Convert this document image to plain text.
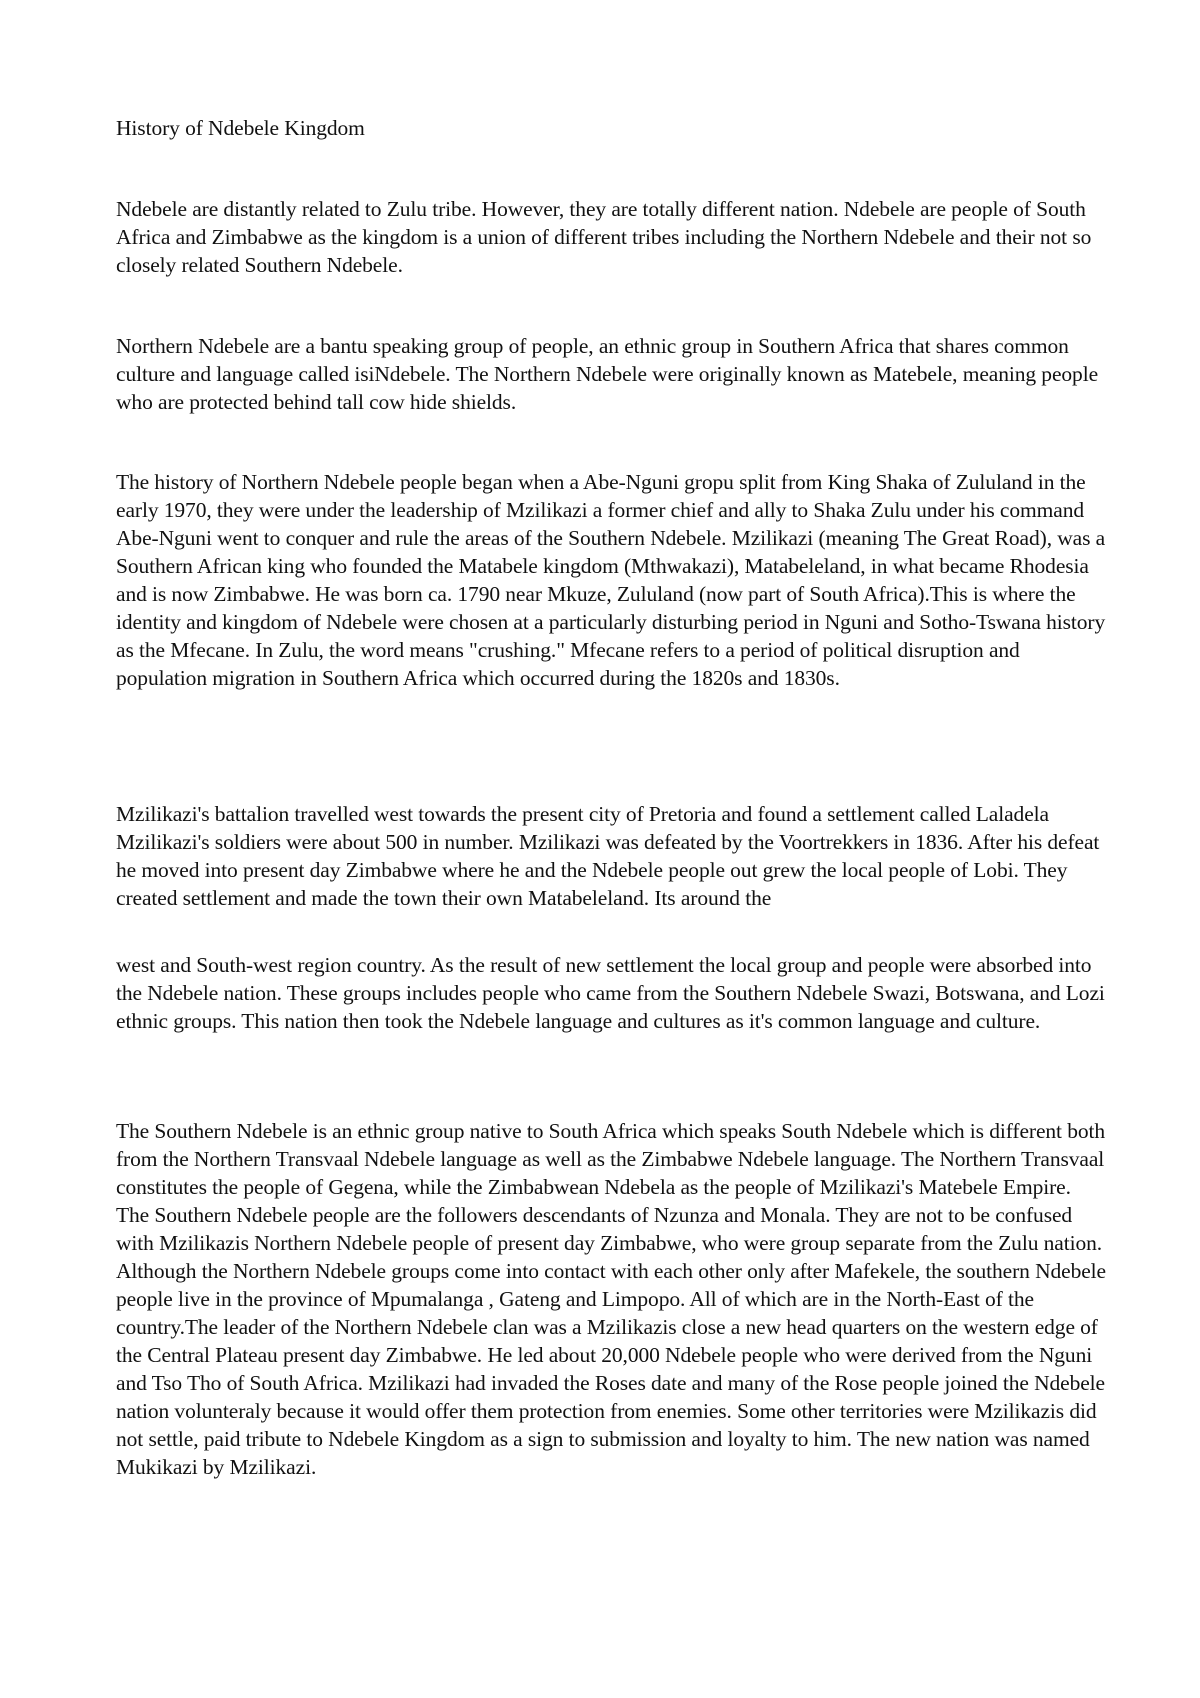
History of Ndebele Kingdom

Ndebele are distantly related to Zulu tribe. However, they are totally different nation. Ndebele are people of South Africa and Zimbabwe as the kingdom is a union of different tribes including the Northern Ndebele and their not so closely related Southern Ndebele.

Northern Ndebele are a bantu speaking group of people, an ethnic group in Southern Africa that shares common culture and language called isiNdebele. The Northern Ndebele were originally known as Matebele, meaning people who are protected behind tall cow hide shields.

The history of Northern Ndebele people began when a Abe-Nguni gropu split from King Shaka of Zululand in the early 1970, they were under the leadership of Mzilikazi a former chief and ally to Shaka Zulu under his command Abe-Nguni went to conquer and rule the areas of the Southern Ndebele. Mzilikazi (meaning The Great Road), was a Southern African king who founded the Matabele kingdom (Mthwakazi), Matabeleland, in what became Rhodesia and is now Zimbabwe. He was born ca. 1790 near Mkuze, Zululand (now part of South Africa).This is where the identity and kingdom of Ndebele were chosen at a particularly disturbing period in Nguni and Sotho-Tswana history as the Mfecane. In Zulu, the word means "crushing." Mfecane refers to a period of political disruption and population migration in Southern Africa which occurred during the 1820s and 1830s.

Mzilikazi's battalion travelled west towards the present city of Pretoria and found a settlement called Laladela Mzilikazi's soldiers were about 500 in number. Mzilikazi was defeated by the Voortrekkers in 1836. After his defeat he moved into present day Zimbabwe where he and the Ndebele people out grew the local people of Lobi. They created settlement and made the town their own Matabeleland. Its around the

west and South-west region country. As the result of new settlement the local group and people were absorbed into the Ndebele nation. These groups includes people who came from the Southern Ndebele Swazi, Botswana, and Lozi ethnic groups. This nation then took the Ndebele language and cultures as it's common language and culture.

The Southern Ndebele is an ethnic group native to South Africa which speaks South Ndebele which is different both from the Northern Transvaal Ndebele language as well as the Zimbabwe Ndebele language. The Northern Transvaal constitutes the people of Gegena, while the Zimbabwean Ndebela as the people of Mzilikazi's Matebele Empire. The Southern Ndebele people are the followers descendants of Nzunza and Monala. They are not to be confused with Mzilikazis Northern Ndebele people of present day Zimbabwe, who were group separate from the Zulu nation. Although the Northern Ndebele groups come into contact with each other only after Mafekele, the southern Ndebele people live in the province of Mpumalanga , Gateng and Limpopo. All of which are in the North-East of the country.The leader of the Northern Ndebele clan was a Mzilikazis close a new head quarters on the western edge of the Central Plateau present day Zimbabwe. He led about 20,000 Ndebele people who were derived from the Nguni and Tso Tho of South Africa. Mzilikazi had invaded the Roses date and many of the Rose people joined the Ndebele nation volunteraly because it would offer them protection from enemies. Some other territories were Mzilikazis did not settle, paid tribute to Ndebele Kingdom as a sign to submission and loyalty to him. The new nation was named Mukikazi by Mzilikazi.
